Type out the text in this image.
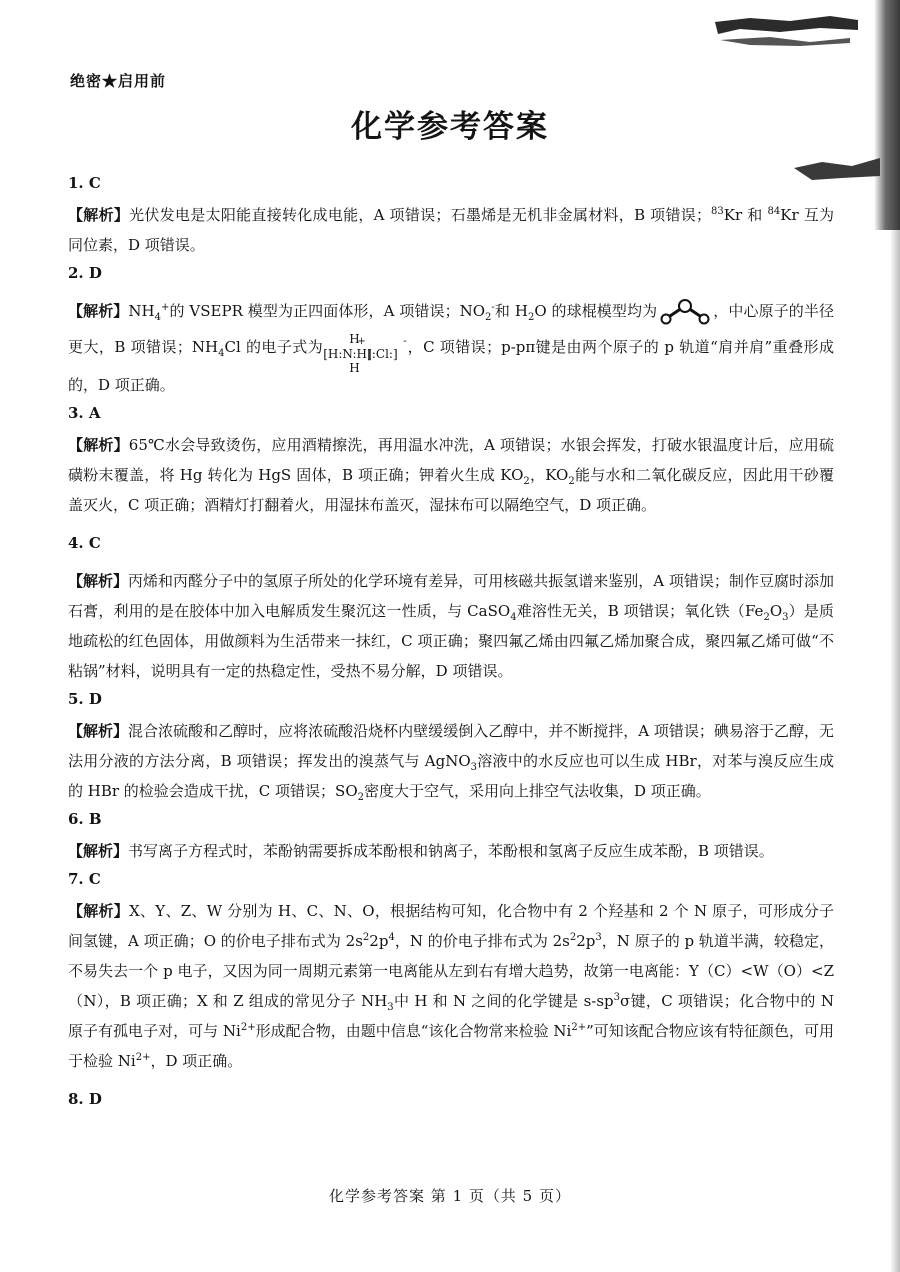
绝密★启用前
化学参考答案

1. C

【解析】光伏发电是太阳能直接转化成电能，A 项错误；石墨烯是无机非金属材料，B 项错误；$^{83}$Kr 和 $^{84}$Kr 互为同位素，D 项错误。

2. D

【解析】$NH_4^+$的 VSEPR 模型为正四面体形，A 项错误；$NO_2^-$和 $H_2O$ 的球棍模型均为	，中心原子的半径更大，B 项错误；$NH_4Cl$ 的电子式为 H
[H:N:H]
+
H
[:Cl:]
- ，C 项错误；p-pπ键是由两个原子的 p 轨道“肩并肩”重叠形成的，D 项正确。

3. A

【解析】65℃水会导致烫伤，应用酒精擦洗，再用温水冲洗，A 项错误；水银会挥发，打破水银温度计后，应用硫磺粉末覆盖，将 Hg 转化为 HgS 固体，B 项正确；钾着火生成 $KO_2$，$KO_2$能与水和二氧化碳反应，因此用干砂覆盖灭火，C 项正确；酒精灯打翻着火，用湿抹布盖灭，湿抹布可以隔绝空气，D 项正确。

4. C

【解析】丙烯和丙醛分子中的氢原子所处的化学环境有差异，可用核磁共振氢谱来鉴别，A 项错误；制作豆腐时添加石膏，利用的是在胶体中加入电解质发生聚沉这一性质，与 CaSO$_4$难溶性无关，B 项错误；氧化铁$(Fe_2O_3)$是质地疏松的红色固体，用做颜料为生活带来一抹红，C 项正确；聚四氟乙烯由四氟乙烯加聚合成，聚四氟乙烯可做“不粘锅”材料，说明具有一定的热稳定性，受热不易分解，D 项错误。

5. D

【解析】混合浓硫酸和乙醇时，应将浓硫酸沿烧杯内壁缓缓倒入乙醇中，并不断搅拌，A 项错误；碘易溶于乙醇，无法用分液的方法分离，B 项错误；挥发出的溴蒸气与 AgNO$_3$溶液中的水反应也可以生成 HBr，对苯与溴反应生成的 HBr 的检验会造成干扰，C 项错误；$SO_2$密度大于空气，采用向上排空气法收集，D 项正确。

6. B

【解析】书写离子方程式时，苯酚钠需要拆成苯酚根和钠离子，苯酚根和氢离子反应生成苯酚，B 项错误。

7. C

【解析】X、Y、Z、W 分别为 H、C、N、O，根据结构可知，化合物中有 2 个羟基和 2 个 N 原子，可形成分子间氢键，A 项正确；O 的价电子排布式为 $2s^22p^4$，N 的价电子排布式为 $2s^22p^3$，N 原子的 p 轨道半满，较稳定，不易失去一个 p 电子，又因为同一周期元素第一电离能从左到右有增大趋势，故第一电离能：Y（C）<W（O）<Z（N），B 项正确；X 和 Z 组成的常见分子 $NH_3$中 H 和 N 之间的化学键是 $s-sp^3\sigma$键，C 项错误；化合物中的 N 原子有孤电子对，可与 $Ni^{2+}$形成配合物，由题中信息“该化合物常来检验 $Ni^{2+}$”可知该配合物应该有特征颜色，可用于检验 $Ni^{2+}$，D 项正确。

8. D

化学参考答案 第 1 页（共 5 页）
